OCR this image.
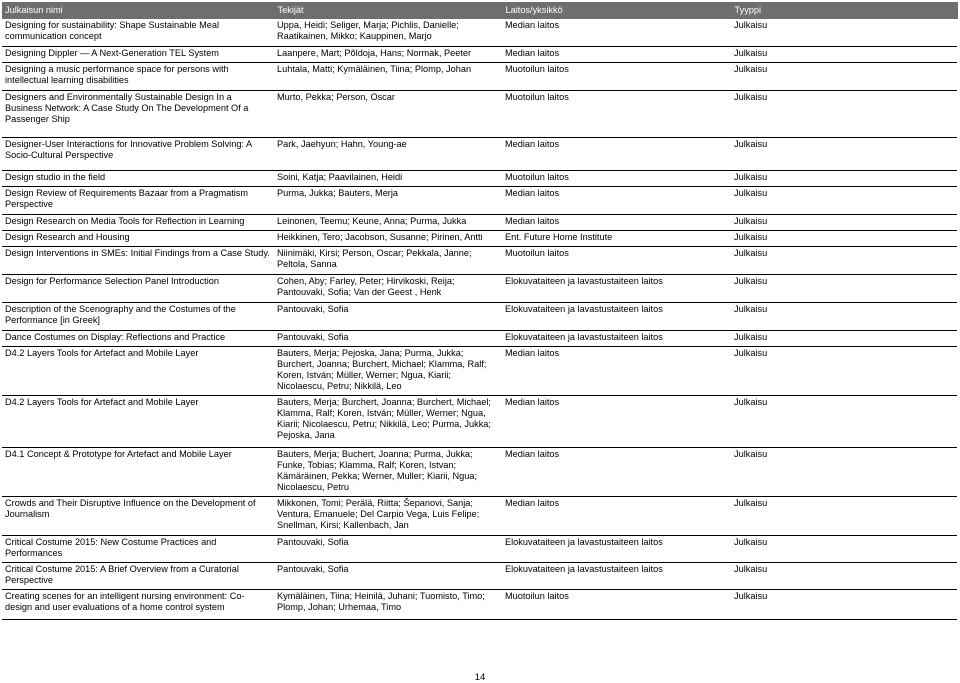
Julkaisun nimi	Tekijät	Laitos/yksikkö	Tyyppi
Designing for sustainability: Shape Sustainable Meal communication concept	Uppa, Heidi; Seliger, Marja; Pichlis, Danielle; Raatikainen, Mikko; Kauppinen, Marjo	Median laitos	Julkaisu
Designing Dippler — A Next-Generation TEL System	Laanpere, Mart; Põldoja, Hans; Normak, Peeter	Median laitos	Julkaisu
Designing a music performance space for persons with intellectual learning disabilities	Luhtala, Matti; Kymäläinen, Tiina; Plomp, Johan	Muotoilun laitos	Julkaisu
Designers and Environmentally Sustainable Design In a Business Network: A Case Study On The Development Of a Passenger Ship	Murto, Pekka; Person, Oscar	Muotoilun laitos	Julkaisu
Designer-User Interactions for Innovative Problem Solving: A Socio-Cultural Perspective	Park, Jaehyun; Hahn, Young-ae	Median laitos	Julkaisu
Design studio in the field	Soini, Katja; Paavilainen, Heidi	Muotoilun laitos	Julkaisu
Design Review of Requirements Bazaar from a Pragmatism Perspective	Purma, Jukka; Bauters, Merja	Median laitos	Julkaisu
Design Research on Media Tools for Reflection in Learning	Leinonen, Teemu; Keune, Anna; Purma, Jukka	Median laitos	Julkaisu
Design Research and Housing	Heikkinen, Tero; Jacobson, Susanne; Pirinen, Antti	Ent. Future Home Institute	Julkaisu
Design Interventions in SMEs: Initial Findings from a Case Study.	Niinimäki, Kirsi; Person, Oscar; Pekkala, Janne; Peltola, Sanna	Muotoilun laitos	Julkaisu
Design for Performance Selection Panel Introduction	Cohen, Aby; Farley, Peter; Hirvikoski, Reija; Pantouvaki, Sofia; Van der Geest , Henk	Elokuvataiteen ja lavastustaiteen laitos	Julkaisu
Description of the Scenography and the Costumes of the Performance [in Greek]	Pantouvaki, Sofia	Elokuvataiteen ja lavastustaiteen laitos	Julkaisu
Dance Costumes on Display: Reflections and Practice	Pantouvaki, Sofia	Elokuvataiteen ja lavastustaiteen laitos	Julkaisu
D4.2 Layers Tools for Artefact and Mobile Layer	Bauters, Merja; Pejoska, Jana; Purma, Jukka; Burchert, Joanna; Burchert, Michael; Klamma, Ralf; Koren, István; Müller, Werner; Ngua, Kiarii; Nicolaescu, Petru; Nikkilä, Leo	Median laitos	Julkaisu
D4.2 Layers Tools for Artefact and Mobile Layer	Bauters, Merja; Burchert, Joanna; Burchert, Michael; Klamma, Ralf; Koren, István; Müller, Werner; Ngua, Kiarii; Nicolaescu, Petru; Nikkilä, Leo; Purma, Jukka; Pejoska, Jana	Median laitos	Julkaisu
D4.1 Concept & Prototype for Artefact and Mobile Layer	Bauters, Merja; Buchert, Joanna; Purma, Jukka; Funke, Tobias; Klamma, Ralf; Koren, Istvan; Kämäräinen, Pekka; Werner, Muller; Kiarii, Ngua; Nicolaescu, Petru	Median laitos	Julkaisu
Crowds and Their Disruptive Influence on the Development of Journalism	Mikkonen, Tomi; Perälä, Riitta; Šepanovi, Sanja; Ventura, Emanuele; Del Carpio Vega, Luis Felipe; Snellman, Kirsi; Kallenbach, Jan	Median laitos	Julkaisu
Critical Costume 2015: New Costume Practices and Performances	Pantouvaki, Sofia	Elokuvataiteen ja lavastustaiteen laitos	Julkaisu
Critical Costume 2015: A Brief Overview from a Curatorial Perspective	Pantouvaki, Sofia	Elokuvataiteen ja lavastustaiteen laitos	Julkaisu
Creating scenes for an intelligent nursing environment: Co-design and user evaluations of a home control system	Kymäläinen, Tiina; Heinilä, Juhani; Tuomisto, Timo; Plomp, Johan; Urhemaa, Timo	Muotoilun laitos	Julkaisu
14
